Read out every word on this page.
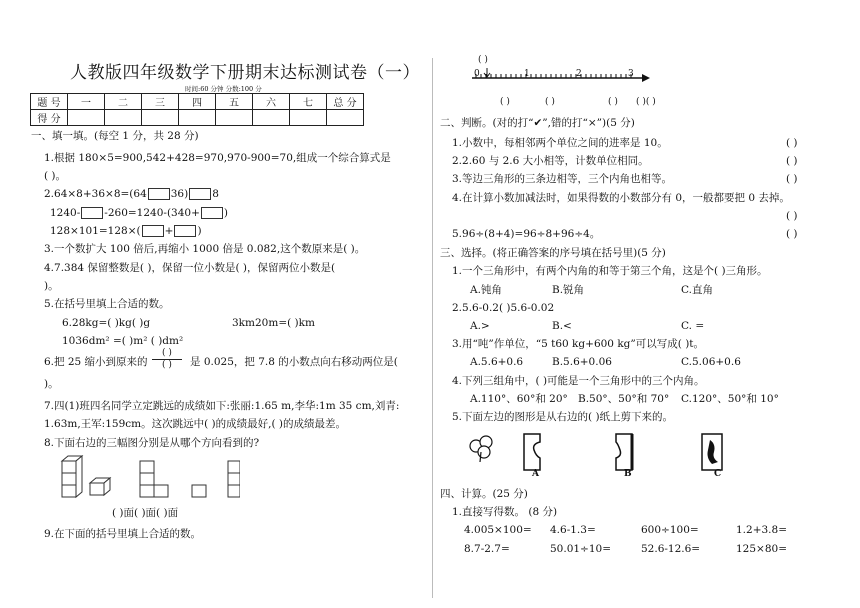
人教版四年级数学下册期末达标测试卷（一）
时间:60 分钟 分数:100 分
题 号	一	二	三	四	五	六	七	总 分
得 分								
一、填一填。(每空 1 分，共 28 分)
1.根据 180×5=900,542+428=970,970-900=70,组成一个综合算式是
( )。
2.64×8+36×8=(64 36) 8
1240- -260=1240-(340+ )
128×101=128×( + )
3.一个数扩大 100 倍后,再缩小 1000 倍是 0.082,这个数原来是( )。
4.7.384 保留整数是( )，保留一位小数是( )，保留两位小数是(
)。
5.在括号里填上合适的数。
6.28kg=( )kg( )g	3km20m=( )km
1036dm² =( )m² ( )dm²
6.把 25 缩小到原来的
( )
( )	是 0.025，把 7.8 的小数点向右移动两位是(
)。
7.四(1)班四名同学立定跳远的成绩如下:张丽:1.65 m,李华:1m 35 cm,刘青:
1.63m,王军:159cm。这次跳远中( )的成绩最好,( )的成绩最差。
8.下面右边的三幅图分别是从哪个方向看到的?
( )面( )面( )面
9.在下面的括号里填上合适的数。
( )
0	1	2	3
( )	( )	( ) ( )( )
二、判断。(对的打“✔”,错的打“×”)(5 分)
1.小数中，每相邻两个单位之间的进率是 10。	( )
2.2.60 与 2.6 大小相等，计数单位相同。	( )
3.等边三角形的三条边相等，三个内角也相等。	( )
4.在计算小数加减法时，如果得数的小数部分有 0，一般都要把 0 去掉。
( )
5.96÷(8+4)=96÷8+96÷4。	( )
三、选择。(将正确答案的序号填在括号里)(5 分)
1.一个三角形中，有两个内角的和等于第三个角，这是个( )三角形。
A.钝角	B.锐角	C.直角
2.5.6-0.2( )5.6-0.02
A.>	B.<	C. =
3.用“吨”作单位，“5 t60 kg+600 kg”可以写成( )t。
A.5.6+0.6	B.5.6+0.06	C.5.06+0.6
4.下列三组角中，( )可能是一个三角形中的三个内角。
A.110°、60°和 20° B.50°、50°和 70° C.120°、50°和 10°
5.下面左边的图形是从右边的( )纸上剪下来的。
A	B	C
四、计算。(25 分)
1.直接写得数。 (8 分)
4.005×100= 4.6-1.3=	600÷100=	1.2+3.8=
8.7-2.7=	50.01÷10=	52.6-12.6=	125×80=
